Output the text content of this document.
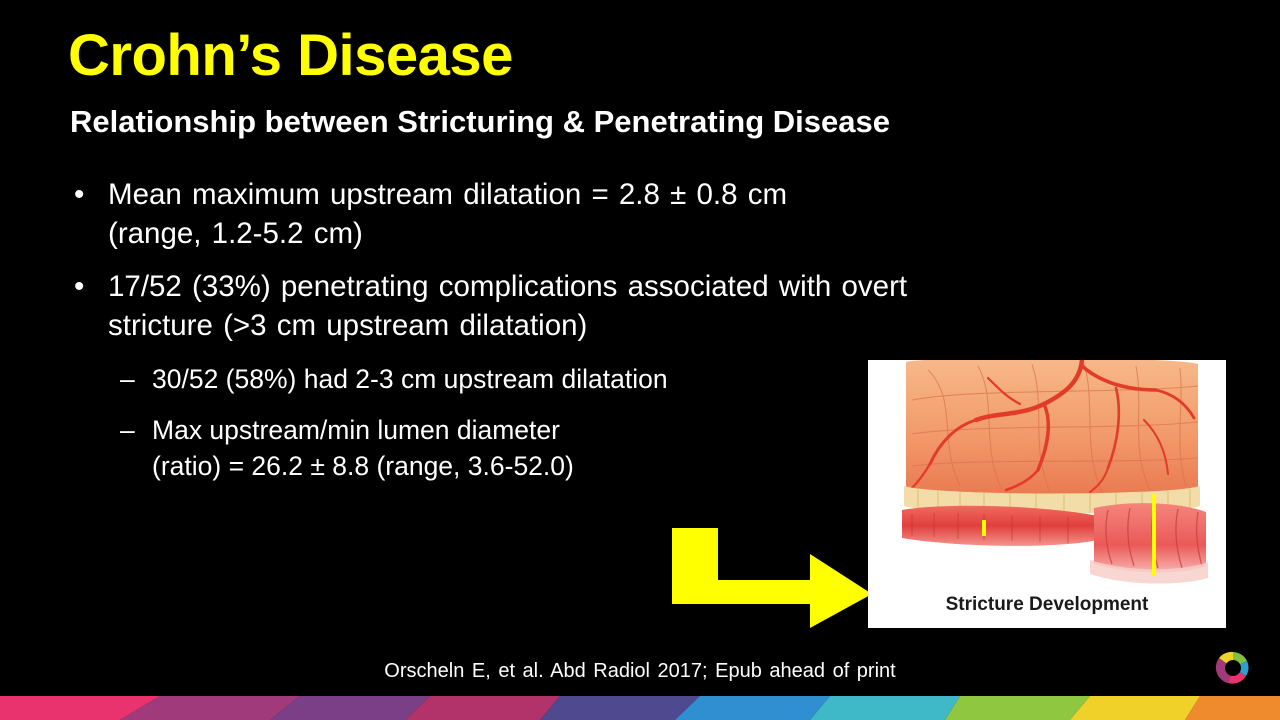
Crohn’s Disease
Relationship between Stricturing & Penetrating Disease
• Mean maximum upstream dilatation = 2.8 ± 0.8 cm
(range, 1.2-5.2 cm)
• 17/52 (33%) penetrating complications associated with overt
stricture (>3 cm upstream dilatation)
– 30/52 (58%) had 2-3 cm upstream dilatation
– Max upstream/min lumen diameter
(ratio) = 26.2 ± 8.8 (range, 3.6-52.0)
Stricture Development
Orscheln E, et al. Abd Radiol 2017; Epub ahead of print
